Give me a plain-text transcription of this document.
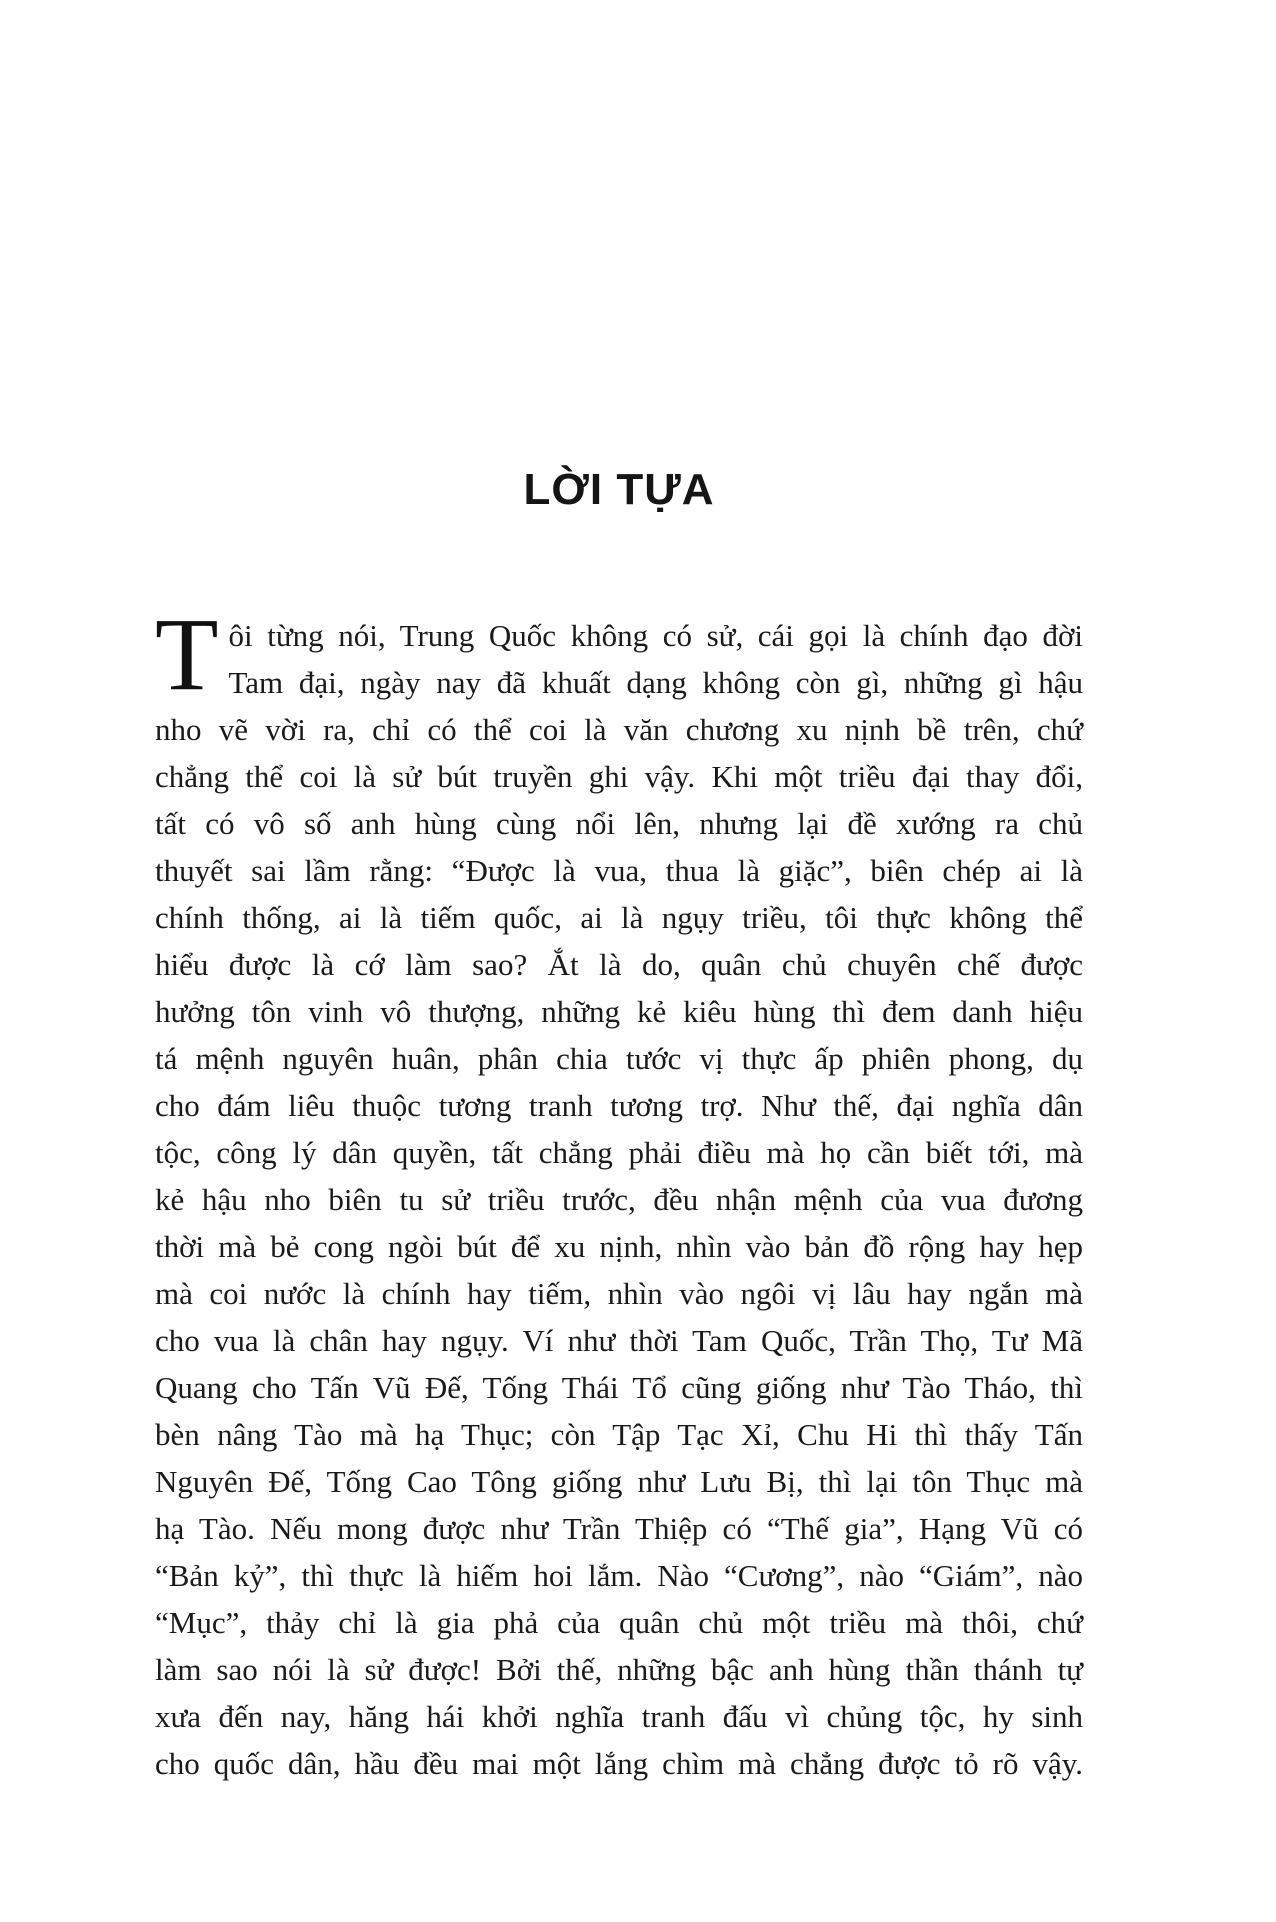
LỜI TỰA
T ôi từng nói, Trung Quốc không có sử, cái gọi là chính đạo đời
Tam đại, ngày nay đã khuất dạng không còn gì, những gì hậu
nho vẽ vời ra, chỉ có thể coi là văn chương xu nịnh bề trên, chứ
chẳng thể coi là sử bút truyền ghi vậy. Khi một triều đại thay đổi,
tất có vô số anh hùng cùng nổi lên, nhưng lại đề xướng ra chủ
thuyết sai lầm rằng: “Được là vua, thua là giặc”, biên chép ai là
chính thống, ai là tiếm quốc, ai là ngụy triều, tôi thực không thể
hiểu được là cớ làm sao? Ắt là do, quân chủ chuyên chế được
hưởng tôn vinh vô thượng, những kẻ kiêu hùng thì đem danh hiệu
tá mệnh nguyên huân, phân chia tước vị thực ấp phiên phong, dụ
cho đám liêu thuộc tương tranh tương trợ. Như thế, đại nghĩa dân
tộc, công lý dân quyền, tất chẳng phải điều mà họ cần biết tới, mà
kẻ hậu nho biên tu sử triều trước, đều nhận mệnh của vua đương
thời mà bẻ cong ngòi bút để xu nịnh, nhìn vào bản đồ rộng hay hẹp
mà coi nước là chính hay tiếm, nhìn vào ngôi vị lâu hay ngắn mà
cho vua là chân hay ngụy. Ví như thời Tam Quốc, Trần Thọ, Tư Mã
Quang cho Tấn Vũ Đế, Tống Thái Tổ cũng giống như Tào Tháo, thì
bèn nâng Tào mà hạ Thục; còn Tập Tạc Xỉ, Chu Hi thì thấy Tấn
Nguyên Đế, Tống Cao Tông giống như Lưu Bị, thì lại tôn Thục mà
hạ Tào. Nếu mong được như Trần Thiệp có “Thế gia”, Hạng Vũ có
“Bản kỷ”, thì thực là hiếm hoi lắm. Nào “Cương”, nào “Giám”, nào
“Mục”, thảy chỉ là gia phả của quân chủ một triều mà thôi, chứ
làm sao nói là sử được! Bởi thế, những bậc anh hùng thần thánh tự
xưa đến nay, hăng hái khởi nghĩa tranh đấu vì chủng tộc, hy sinh
cho quốc dân, hầu đều mai một lắng chìm mà chẳng được tỏ rõ vậy.
